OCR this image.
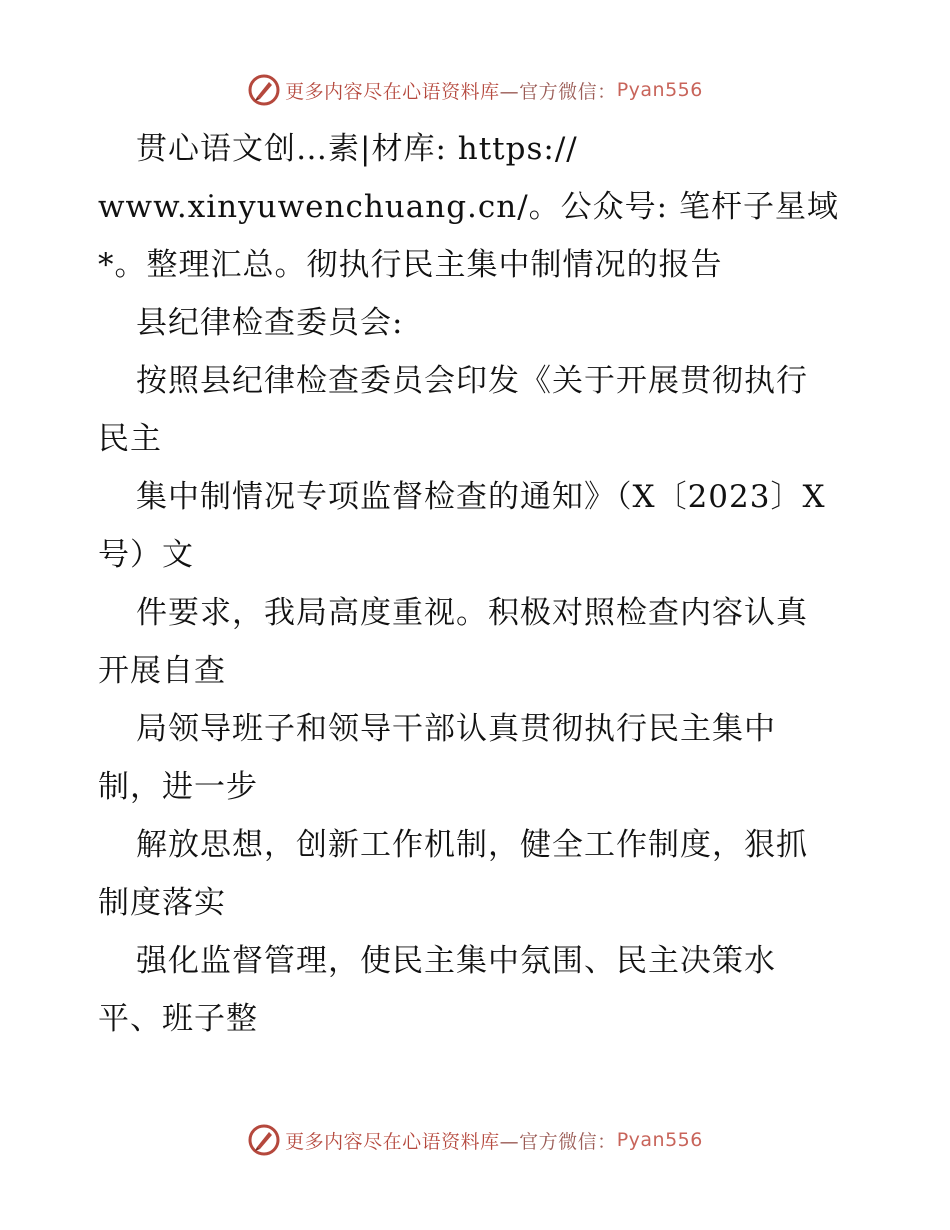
更多内容尽在心语资料库 —官方微信： Pyan556
贯心语文创…素|材库: https://
www.xinyuwenchuang.cn/。公众号: 笔杆子星域
*。整理汇总。彻执行民主集中制情况的报告
县纪律检查委员会:
按照县纪律检查委员会印发《关于开展贯彻执行
民主
集中制情况专项监督检查的通知》（X〔2023〕X
号）文
件要求，我局高度重视。积极对照检查内容认真
开展自查
局领导班子和领导干部认真贯彻执行民主集中
制，进一步
解放思想，创新工作机制，健全工作制度，狠抓
制度落实
强化监督管理，使民主集中氛围、民主决策水
平、班子整
更多内容尽在心语资料库 —官方微信： Pyan556
